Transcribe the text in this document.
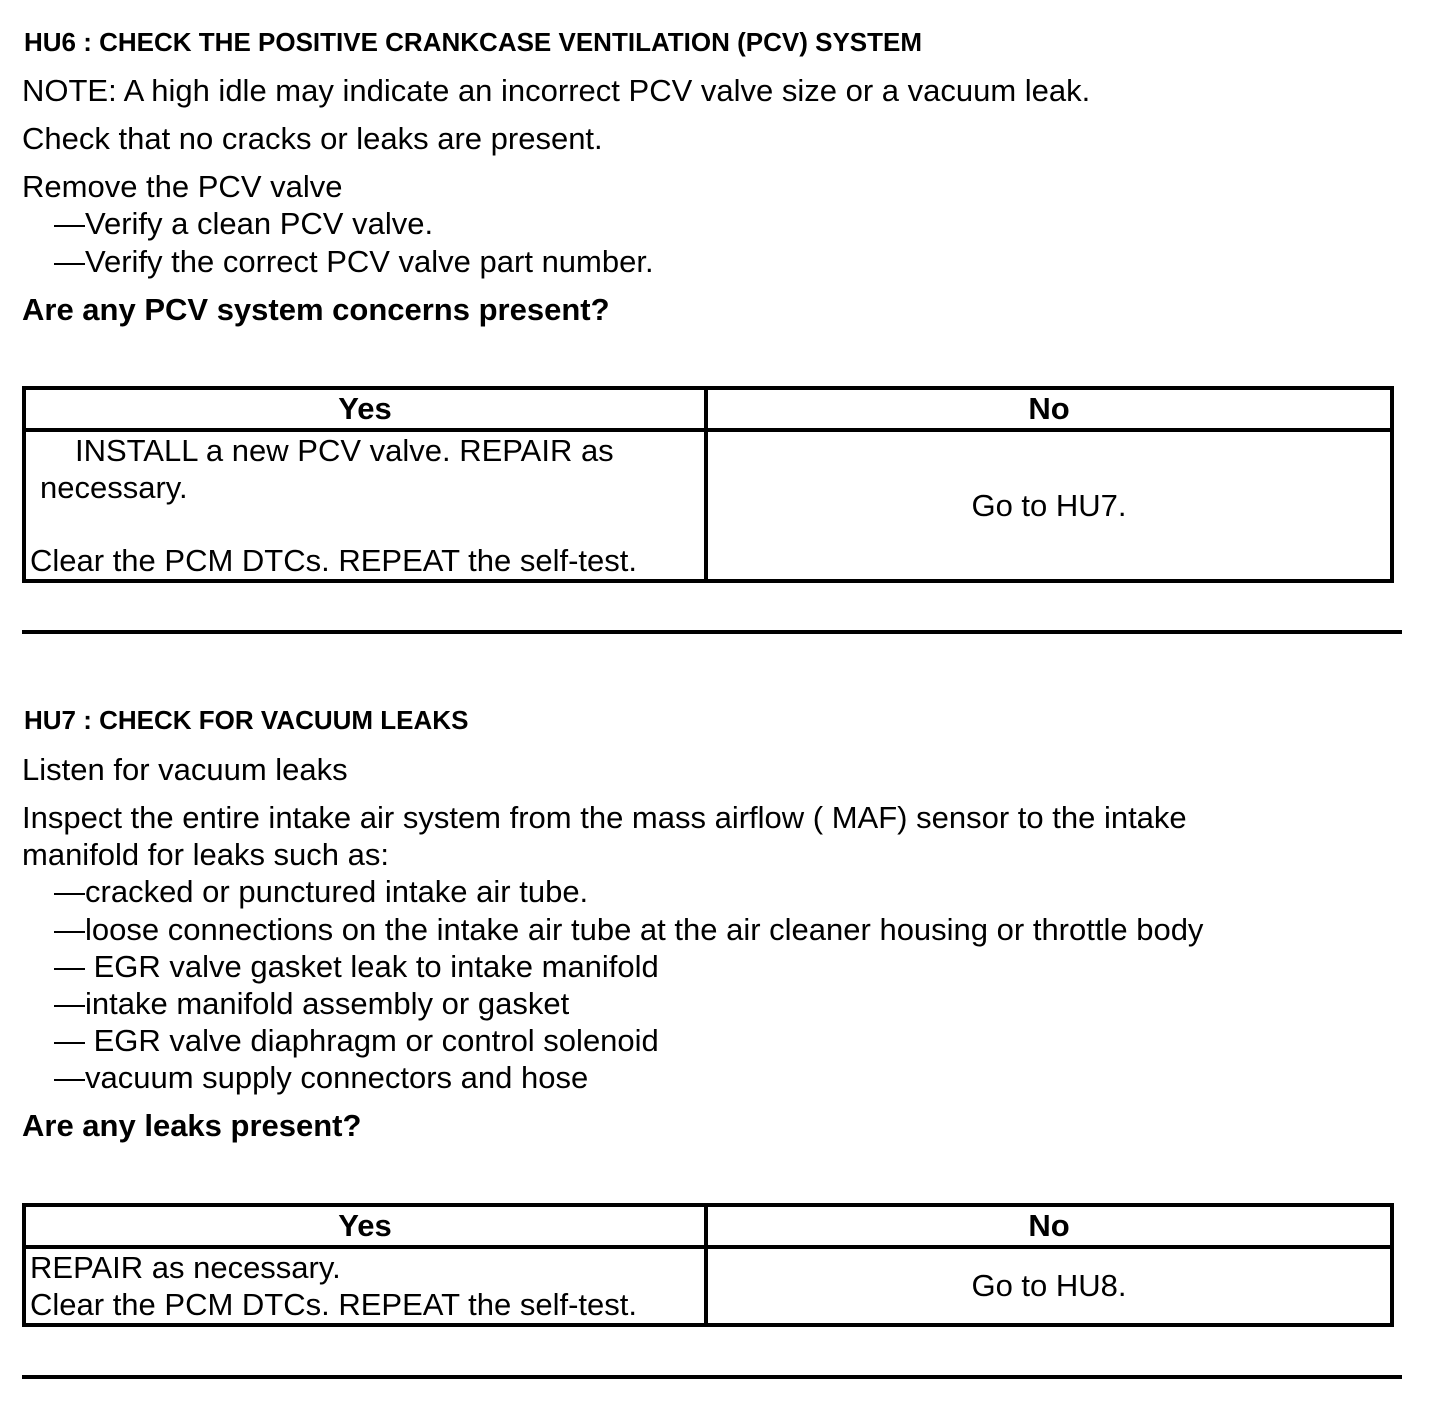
HU6 : CHECK THE POSITIVE CRANKCASE VENTILATION (PCV) SYSTEM
NOTE: A high idle may indicate an incorrect PCV valve size or a vacuum leak.
Check that no cracks or leaks are present.
Remove the PCV valve
—Verify a clean PCV valve.
—Verify the correct PCV valve part number.
Are any PCV system concerns present?
Yes	No

INSTALL a new PCV valve. REPAIR as
necessary.
Clear the PCM DTCs. REPEAT the self-test.	Go to HU7.
HU7 : CHECK FOR VACUUM LEAKS
Listen for vacuum leaks
Inspect the entire intake air system from the mass airflow ( MAF) sensor to the intake
manifold for leaks such as:
—cracked or punctured intake air tube.
—loose connections on the intake air tube at the air cleaner housing or throttle body
— EGR valve gasket leak to intake manifold
—intake manifold assembly or gasket
— EGR valve diaphragm or control solenoid
—vacuum supply connectors and hose
Are any leaks present?
Yes	No

REPAIR as necessary.
Clear the PCM DTCs. REPEAT the self-test.	Go to HU8.
